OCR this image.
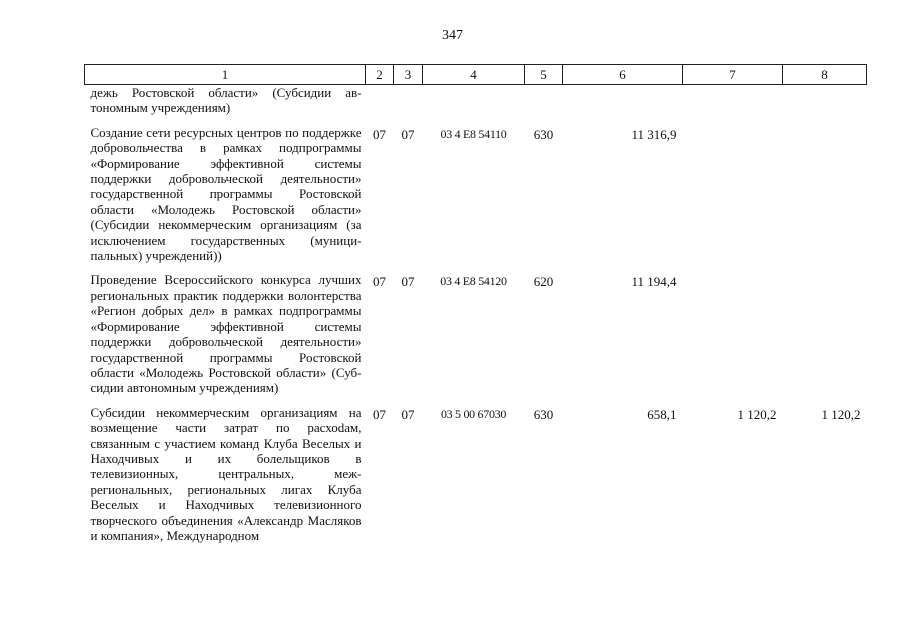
347
1	2	3	4	5	6	7	8
дежь Ростовской области» (Субсидии автономным учреждениям)							

Создание сети ресурсных центров по поддержке добровольчества в рамках подпрограммы «Формирование эффективной системы поддержки добровольческой деятельности» государственной программы Ростовской области «Молодежь Ростовской области» (Субсидии некоммерческим организациям (за исключением государственных (муниципальных) учреждений))	07	07	03 4 E8 54110	630	11 316,9		

Проведение Всероссийского конкурса лучших региональных практик поддержки волонтерства «Регион добрых дел» в рамках подпрограммы «Формирование эффективной системы поддержки добровольческой деятельности» государственной программы Ростовской области «Молодежь Ростовской области» (Субсидии автономным учреждениям)	07	07	03 4 E8 54120	620	11 194,4		

Субсидии некоммерческим организациям на возмещение части затрат по расхоdам, связанным с участием команд Клуба Веселых и Находчивых и их болельщиков в телевизионных, центральных, межрегиональных, региональных лигах Клуба Веселых и Находчивых телевизионного творческого объединения «Александр Масляков и компания», Международном	07	07	03 5 00 67030	630	658,1	1 120,2	1 120,2
